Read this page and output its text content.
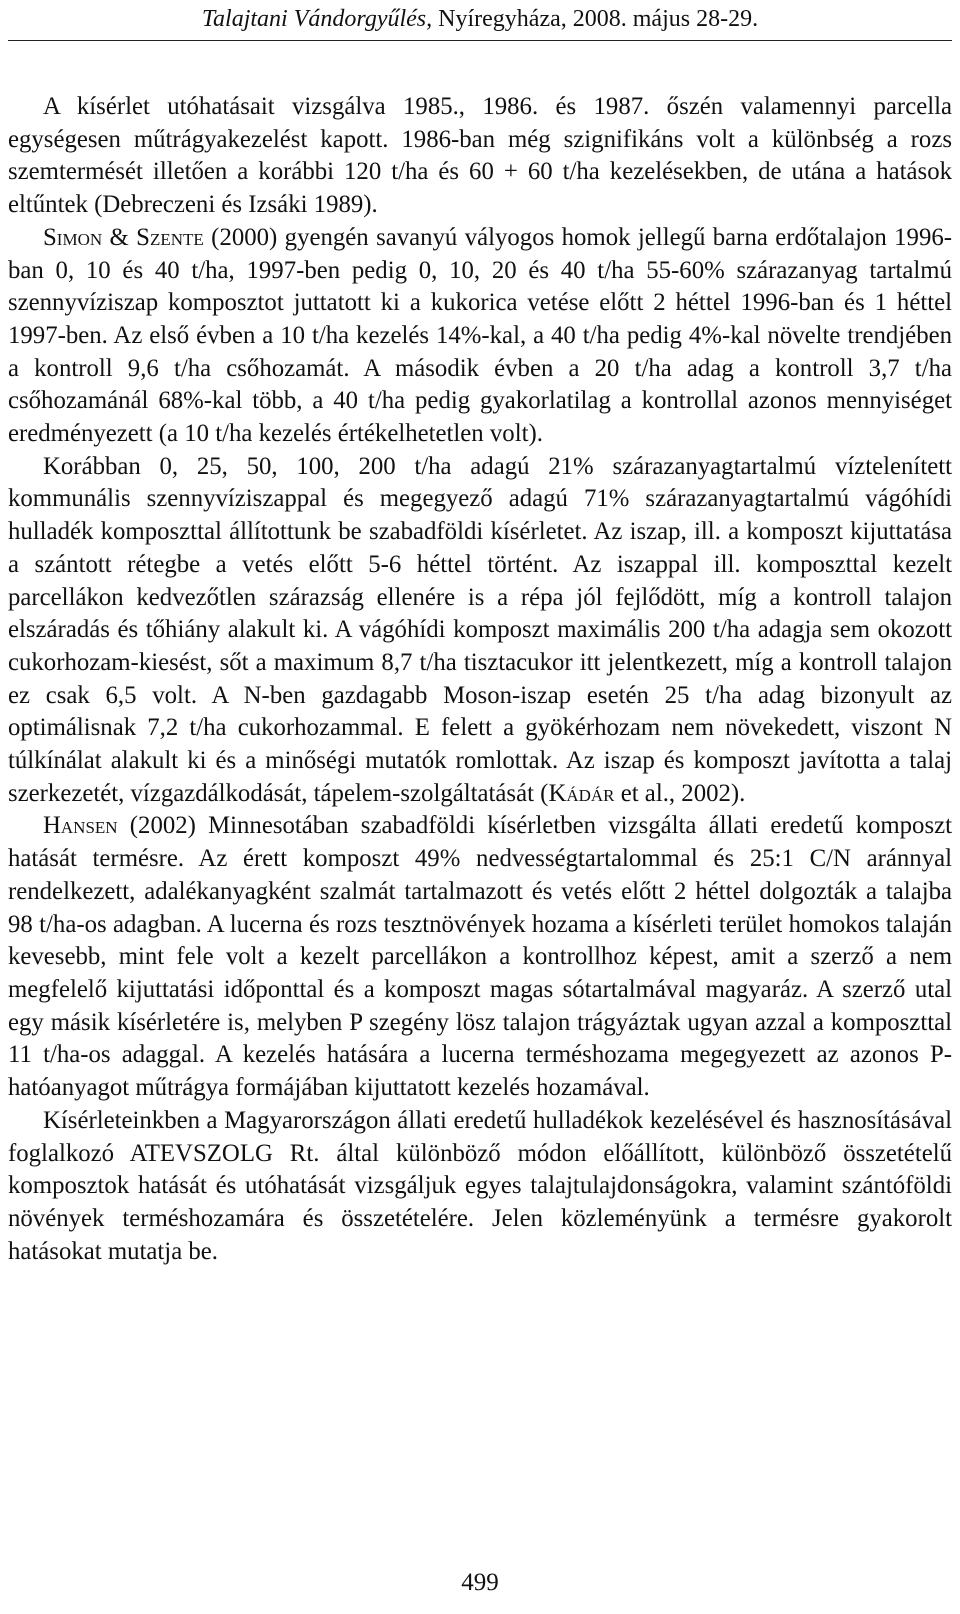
Talajtani Vándorgyűlés, Nyíregyháza, 2008. május 28-29.

A kísérlet utóhatásait vizsgálva 1985., 1986. és 1987. őszén valamennyi parcella egységesen műtrágyakezelést kapott. 1986-ban még szignifikáns volt a különbség a rozs szemtermését illetően a korábbi 120 t/ha és 60 + 60 t/ha kezelésekben, de utána a hatások eltűntek (Debreczeni és Izsáki 1989).

Simon & Szente (2000) gyengén savanyú vályogos homok jellegű barna erdőtalajon 1996-ban 0, 10 és 40 t/ha, 1997-ben pedig 0, 10, 20 és 40 t/ha 55-60% szárazanyag tartalmú szennyvíziszap komposztot juttatott ki a kukorica vetése előtt 2 héttel 1996-ban és 1 héttel 1997-ben. Az első évben a 10 t/ha kezelés 14%-kal, a 40 t/ha pedig 4%-kal növelte trendjében a kontroll 9,6 t/ha csőhozamát. A második évben a 20 t/ha adag a kontroll 3,7 t/ha csőhozamánál 68%-kal több, a 40 t/ha pedig gyakorlatilag a kontrollal azonos mennyiséget eredményezett (a 10 t/ha kezelés értékelhetetlen volt).

Korábban 0, 25, 50, 100, 200 t/ha adagú 21% szárazanyagtartalmú víztelenített kommunális szennyvíziszappal és megegyező adagú 71% szárazanyagtartalmú vágóhídi hulladék komposzttal állítottunk be szabadföldi kísérletet. Az iszap, ill. a komposzt kijuttatása a szántott rétegbe a vetés előtt 5-6 héttel történt. Az iszappal ill. komposzttal kezelt parcellákon kedvezőtlen szárazság ellenére is a répa jól fejlődött, míg a kontroll talajon elszáradás és tőhiány alakult ki. A vágóhídi komposzt maximális 200 t/ha adagja sem okozott cukorhozam-kiesést, sőt a maximum 8,7 t/ha tisztacukor itt jelentkezett, míg a kontroll talajon ez csak 6,5 volt. A N-ben gazdagabb Moson-iszap esetén 25 t/ha adag bizonyult az optimálisnak 7,2 t/ha cukorhozammal. E felett a gyökérhozam nem növekedett, viszont N túlkínálat alakult ki és a minőségi mutatók romlottak. Az iszap és komposzt javította a talaj szerkezetét, vízgazdálkodását, tápelem-szolgáltatását (Kádár et al., 2002).

Hansen (2002) Minnesotában szabadföldi kísérletben vizsgálta állati eredetű komposzt hatását termésre. Az érett komposzt 49% nedvességtartalommal és 25:1 C/N aránnyal rendelkezett, adalékanyagként szalmát tartalmazott és vetés előtt 2 héttel dolgozták a talajba 98 t/ha-os adagban. A lucerna és rozs tesztnövények hozama a kísérleti terület homokos talaján kevesebb, mint fele volt a kezelt parcellákon a kontrollhoz képest, amit a szerző a nem megfelelő kijuttatási időponttal és a komposzt magas sótartalmával magyaráz. A szerző utal egy másik kísérletére is, melyben P szegény lösz talajon trágyáztak ugyan azzal a komposzttal 11 t/ha-os adaggal. A kezelés hatására a lucerna terméshozama megegyezett az azonos P-hatóanyagot műtrágya formájában kijuttatott kezelés hozamával.

Kísérleteinkben a Magyarországon állati eredetű hulladékok kezelésével és hasznosításával foglalkozó ATEVSZOLG Rt. által különböző módon előállított, különböző összetételű komposztok hatását és utóhatását vizsgáljuk egyes talajtulajdonságokra, valamint szántóföldi növények terméshozamára és összetételére. Jelen közleményünk a termésre gyakorolt hatásokat mutatja be.

499
